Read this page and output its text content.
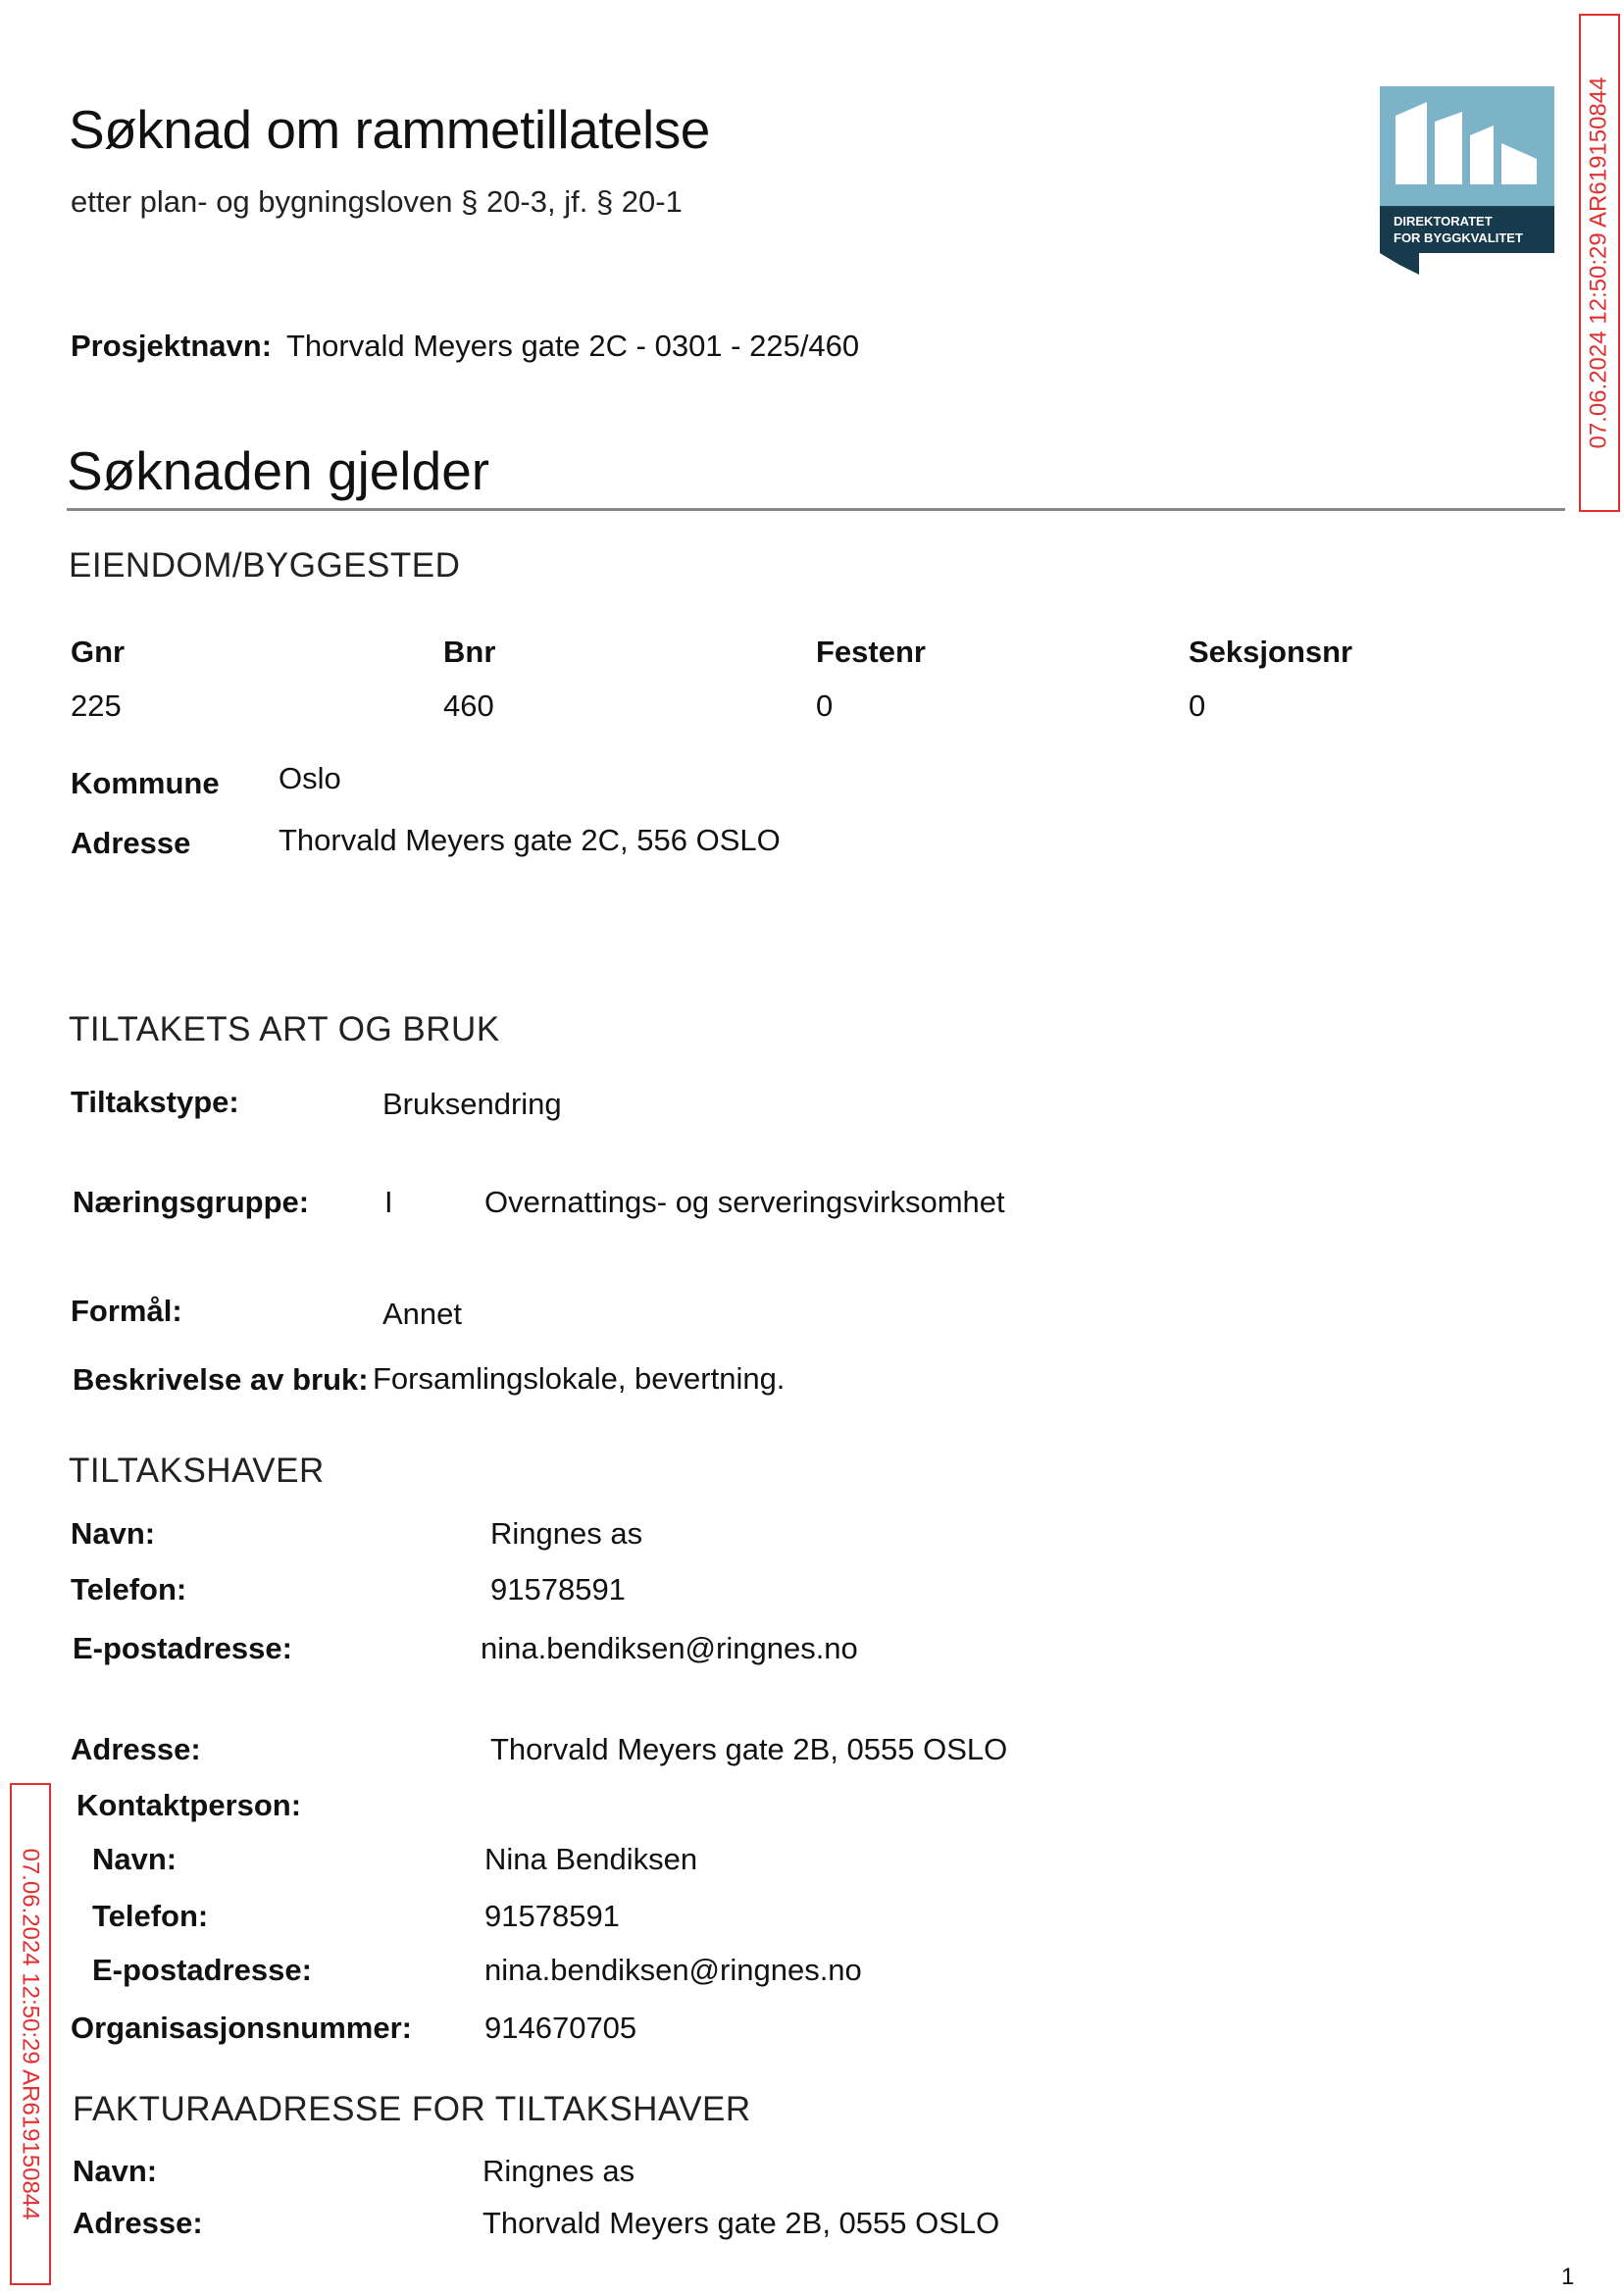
Søknad om rammetillatelse
etter plan- og bygningsloven § 20-3, jf. § 20-1
DIREKTORATET
FOR BYGGKVALITET
Prosjektnavn: Thorvald Meyers gate 2C - 0301 - 225/460
Søknaden gjelder
EIENDOM/BYGGESTED
Gnr	Bnr	Festenr	Seksjonsnr
225	460	0	0
Kommune Oslo
Adresse	Thorvald Meyers gate 2C, 556 OSLO
TILTAKETS ART OG BRUK
Tiltakstype:	Bruksendring
Næringsgruppe: I	Overnattings- og serveringsvirksomhet
Formål:	Annet
Beskrivelse av bruk: Forsamlingslokale, bevertning.
TILTAKSHAVER
Navn:	Ringnes as
Telefon:	91578591
E-postadresse:	nina.bendiksen@ringnes.no
Adresse:	Thorvald Meyers gate 2B, 0555 OSLO
Kontaktperson:
Navn:	Nina Bendiksen
Telefon:	91578591
E-postadresse:	nina.bendiksen@ringnes.no
Organisasjonsnummer: 914670705
FAKTURAADRESSE FOR TILTAKSHAVER
Navn:	Ringnes as
Adresse:	Thorvald Meyers gate 2B, 0555 OSLO
07.06.2024 12:50:29 AR619150844
07.06.2024 12:50:29 AR619150844
1
